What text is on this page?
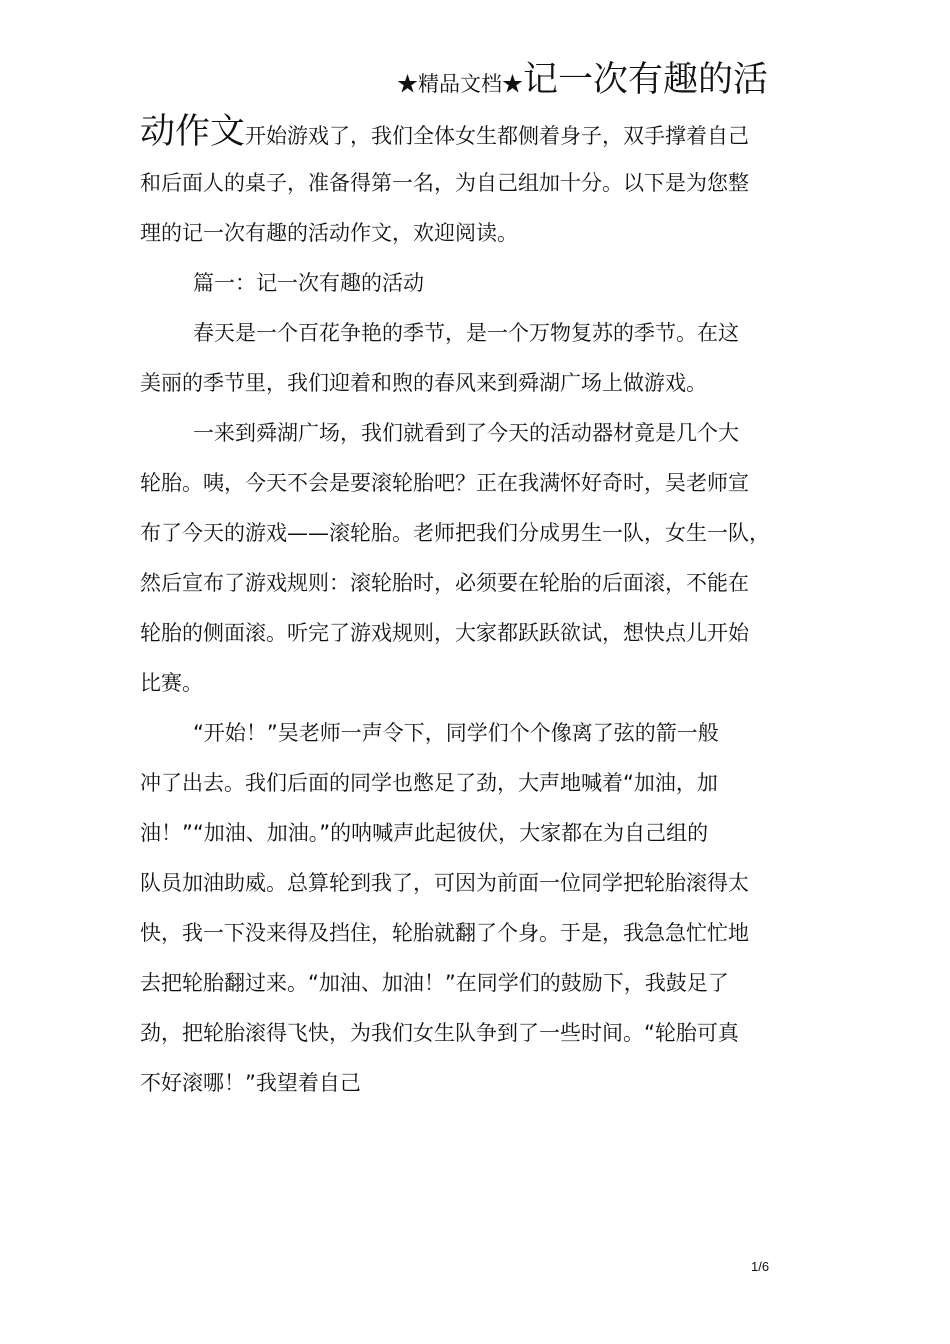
★精品文档★记一次有趣的活
动作文开始游戏了，我们全体女生都侧着身子，双手撑着自己
和后面人的桌子，准备得第一名，为自己组加十分。以下是为您整
理的记一次有趣的活动作文，欢迎阅读。
篇一：记一次有趣的活动
春天是一个百花争艳的季节，是一个万物复苏的季节。在这
美丽的季节里，我们迎着和煦的春风来到舜湖广场上做游戏。
一来到舜湖广场，我们就看到了今天的活动器材竟是几个大
轮胎。咦，今天不会是要滚轮胎吧？正在我满怀好奇时，吴老师宣
布了今天的游戏——滚轮胎。老师把我们分成男生一队，女生一队，
然后宣布了游戏规则：滚轮胎时，必须要在轮胎的后面滚，不能在
轮胎的侧面滚。听完了游戏规则，大家都跃跃欲试，想快点儿开始
比赛。
“开始！”吴老师一声令下，同学们个个像离了弦的箭一般
冲了出去。我们后面的同学也憋足了劲，大声地喊着“加油，加
油！”“加油、加油。”的呐喊声此起彼伏，大家都在为自己组的
队员加油助威。总算轮到我了，可因为前面一位同学把轮胎滚得太
快，我一下没来得及挡住，轮胎就翻了个身。于是，我急急忙忙地
去把轮胎翻过来。“加油、加油！”在同学们的鼓励下，我鼓足了
劲，把轮胎滚得飞快，为我们女生队争到了一些时间。“轮胎可真
不好滚哪！”我望着自己
1/6
